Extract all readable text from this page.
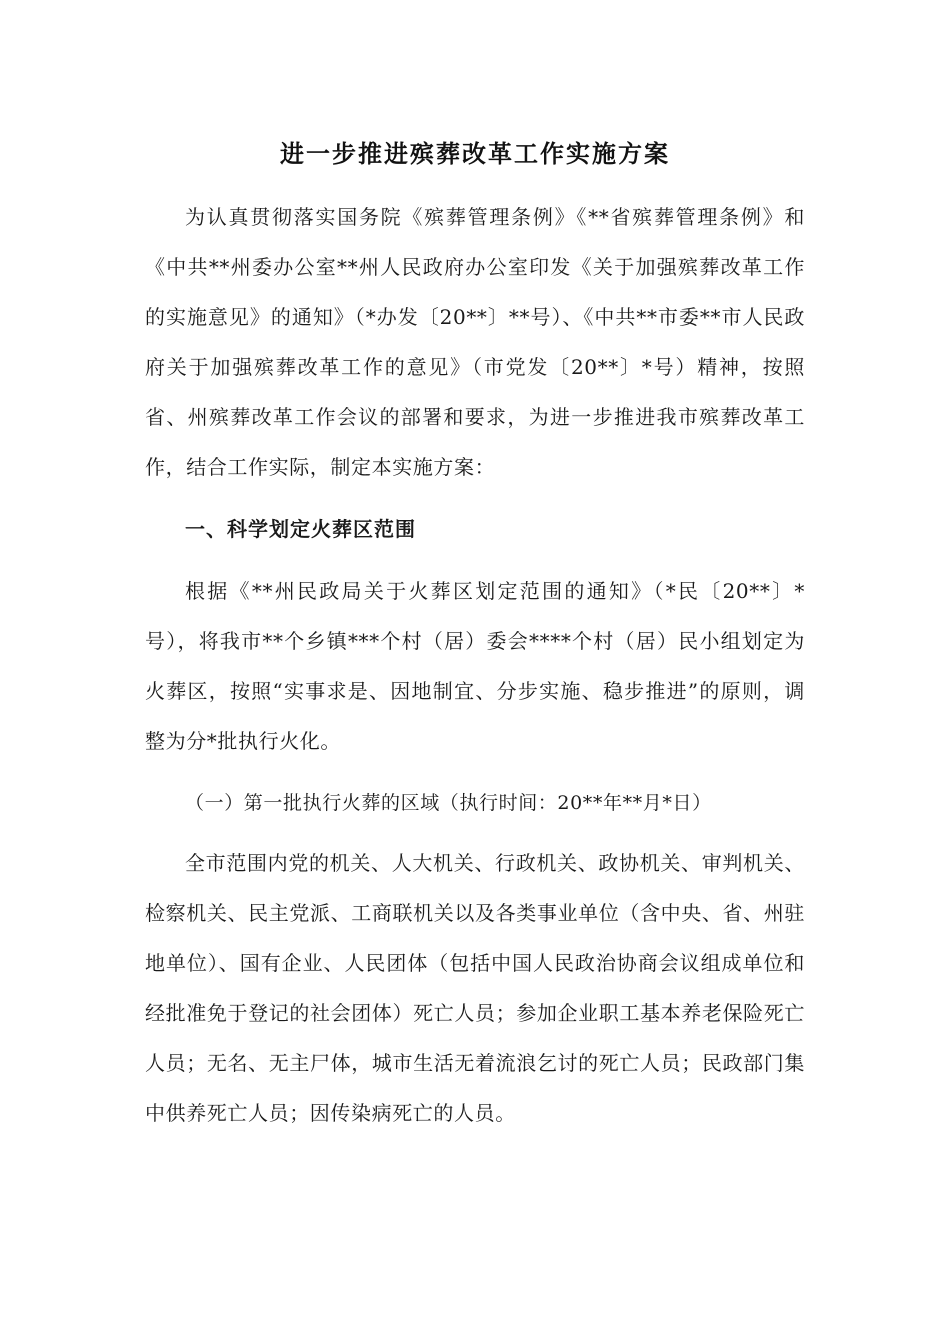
进一步推进殡葬改革工作实施方案

为认真贯彻落实国务院《殡葬管理条例》《**省殡葬管理条例》和《中共**州委办公室**州人民政府办公室印发《关于加强殡葬改革工作的实施意见》的通知》（*办发〔20**〕**号）、《中共**市委**市人民政府关于加强殡葬改革工作的意见》（市党发〔20**〕*号）精神，按照省、州殡葬改革工作会议的部署和要求，为进一步推进我市殡葬改革工作，结合工作实际，制定本实施方案：

一、科学划定火葬区范围

根据《**州民政局关于火葬区划定范围的通知》（*民〔20**〕*号），将我市**个乡镇***个村（居）委会****个村（居）民小组划定为火葬区，按照“实事求是、因地制宜、分步实施、稳步推进”的原则，调整为分*批执行火化。

（一）第一批执行火葬的区域（执行时间：20**年**月*日）

全市范围内党的机关、人大机关、行政机关、政协机关、审判机关、检察机关、民主党派、工商联机关以及各类事业单位（含中央、省、州驻地单位）、国有企业、人民团体（包括中国人民政治协商会议组成单位和经批准免于登记的社会团体）死亡人员；参加企业职工基本养老保险死亡人员；无名、无主尸体，城市生活无着流浪乞讨的死亡人员；民政部门集中供养死亡人员；因传染病死亡的人员。
